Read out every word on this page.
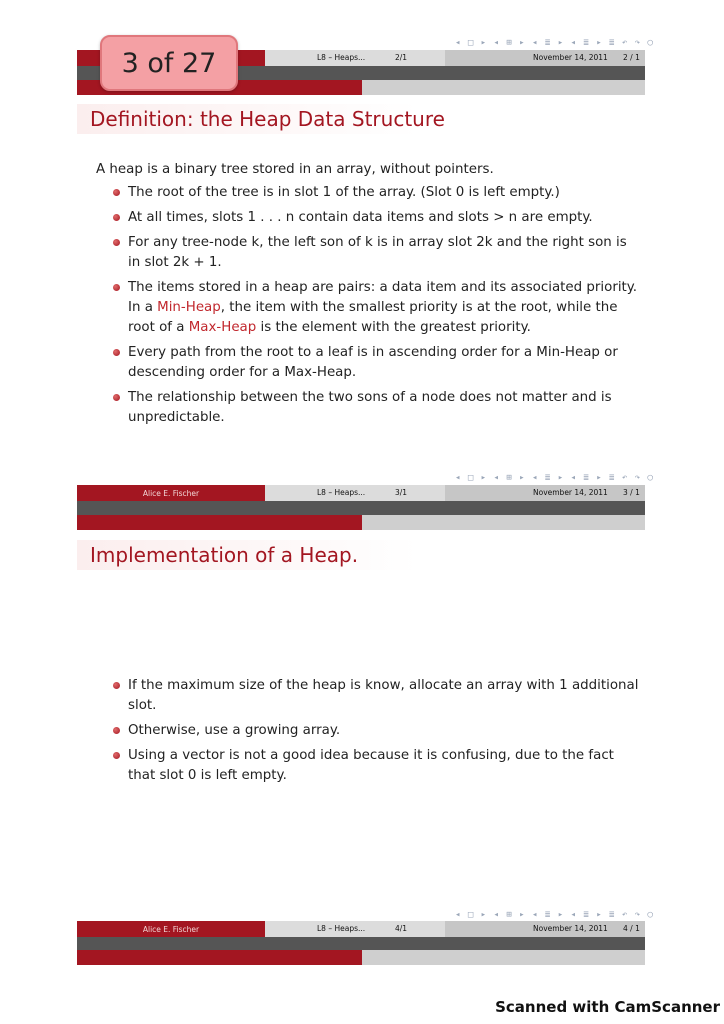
◂ □ ▸ ◂ ⊞ ▸ ◂ ≣ ▸ ◂ ≣ ▸ ≣ ↶ ↷ ◯
L8 – Heaps...	2/1	November 14, 2011 2 / 1
3 of 27
Definition: the Heap Data Structure
A heap is a binary tree stored in an array, without pointers.
The root of the tree is in slot 1 of the array. (Slot 0 is left empty.)
At all times, slots 1 . . . n contain data items and slots > n are empty.
For any tree-node k, the left son of k is in array slot 2k and the right son is in slot 2k + 1.
The items stored in a heap are pairs: a data item and its associated priority. In a Min-Heap, the item with the smallest priority is at the root, while the root of a Max-Heap is the element with the greatest priority.
Every path from the root to a leaf is in ascending order for a Min-Heap or descending order for a Max-Heap.
The relationship between the two sons of a node does not matter and is unpredictable.
◂ □ ▸ ◂ ⊞ ▸ ◂ ≣ ▸ ◂ ≣ ▸ ≣ ↶ ↷ ◯
Alice E. Fischer	L8 – Heaps...	3/1	November 14, 2011 3 / 1
Implementation of a Heap.
If the maximum size of the heap is know, allocate an array with 1 additional slot.
Otherwise, use a growing array.
Using a vector is not a good idea because it is confusing, due to the fact that slot 0 is left empty.
◂ □ ▸ ◂ ⊞ ▸ ◂ ≣ ▸ ◂ ≣ ▸ ≣ ↶ ↷ ◯
Alice E. Fischer	L8 – Heaps...	4/1	November 14, 2011 4 / 1
Scanned with CamScanner
